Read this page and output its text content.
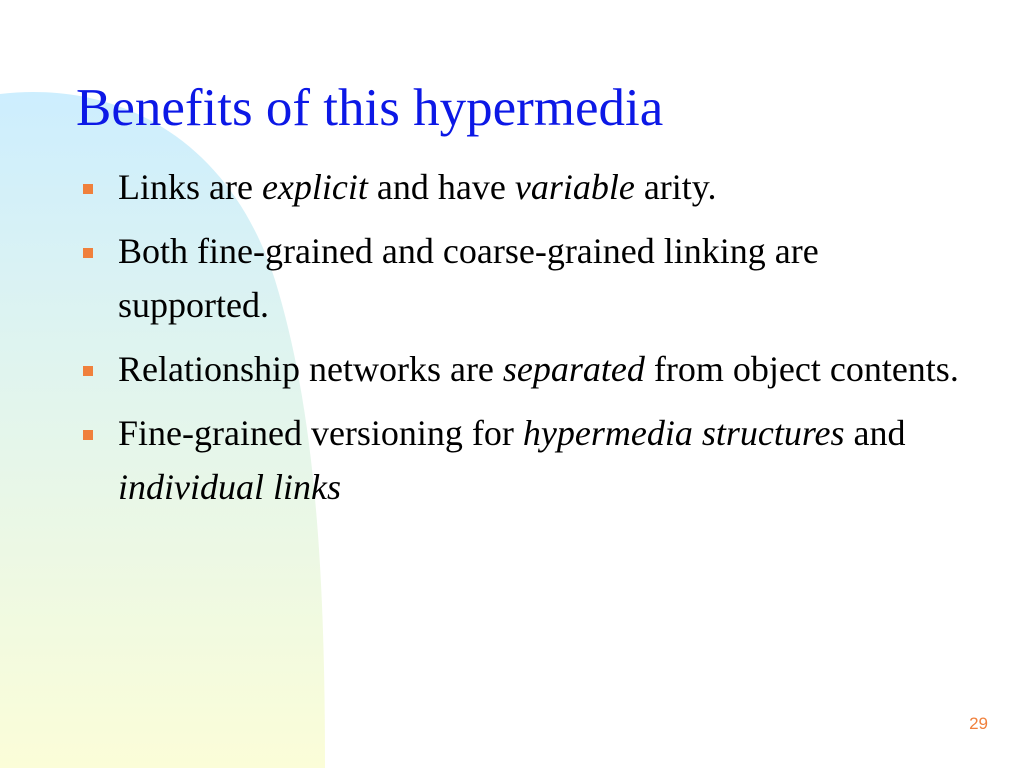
Benefits of this hypermedia
Links are explicit and have variable arity.
Both fine-grained and coarse-grained linking are supported.
Relationship networks are separated from object contents.
Fine-grained versioning for hypermedia structures and individual links
29
